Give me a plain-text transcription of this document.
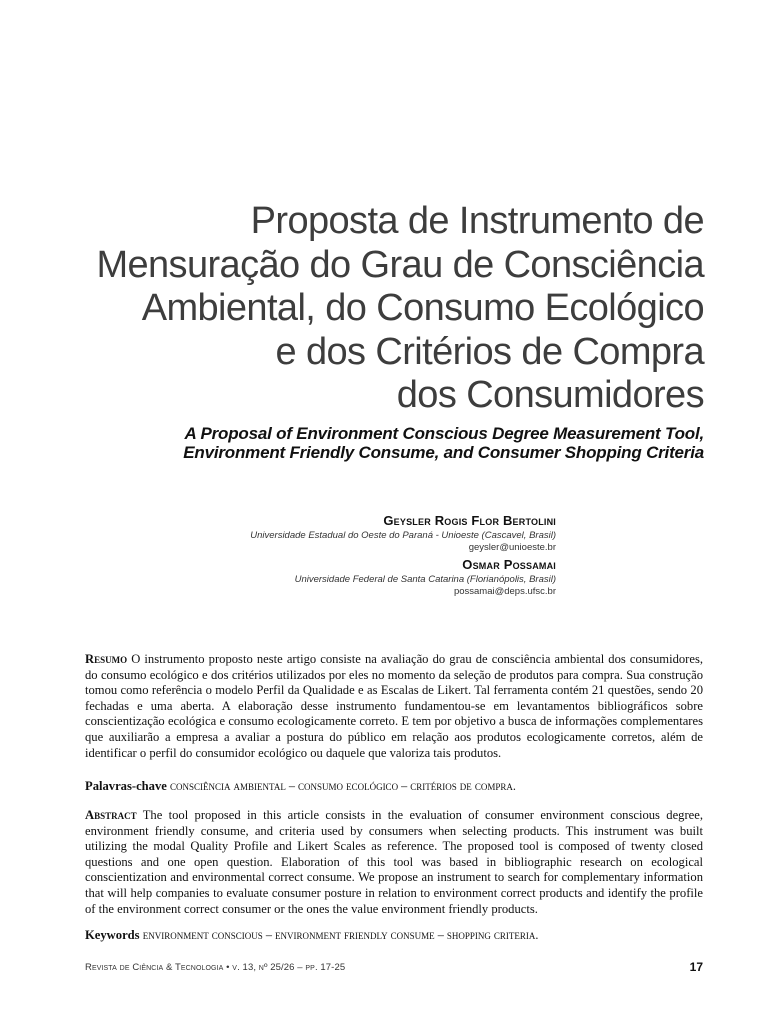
Proposta de Instrumento de
Mensuração do Grau de Consciência
Ambiental, do Consumo Ecológico
e dos Critérios de Compra
dos Consumidores
A Proposal of Environment Conscious Degree Measurement Tool,
Environment Friendly Consume, and Consumer Shopping Criteria
Geysler Rogis Flor Bertolini
Universidade Estadual do Oeste do Paraná - Unioeste (Cascavel, Brasil)
geysler@unioeste.br
Osmar Possamai
Universidade Federal de Santa Catarina (Florianópolis, Brasil)
possamai@deps.ufsc.br
Resumo O instrumento proposto neste artigo consiste na avaliação do grau de consciência ambiental dos consumidores, do consumo ecológico e dos critérios utilizados por eles no momento da seleção de produtos para compra. Sua construção tomou como referência o modelo Perfil da Qualidade e as Escalas de Likert. Tal ferramenta contém 21 questões, sendo 20 fechadas e uma aberta. A elaboração desse instrumento fundamentou-se em levantamentos bibliográficos sobre conscientização ecológica e consumo ecologicamente correto. E tem por objetivo a busca de informações complementares que auxiliarão a empresa a avaliar a postura do público em relação aos produtos ecologicamente corretos, além de identificar o perfil do consumidor ecológico ou daquele que valoriza tais produtos.
Palavras-chave consciência ambiental – consumo ecológico – critérios de compra.
Abstract The tool proposed in this article consists in the evaluation of consumer environment conscious degree, environment friendly consume, and criteria used by consumers when selecting products. This instrument was built utilizing the modal Quality Profile and Likert Scales as reference. The proposed tool is composed of twenty closed questions and one open question. Elaboration of this tool was based in bibliographic research on ecological conscientization and environmental correct consume. We propose an instrument to search for complementary information that will help companies to evaluate consumer posture in relation to environment correct products and identify the profile of the environment correct consumer or the ones the value environment friendly products.
Keywords environment conscious – environment friendly consume – shopping criteria.
Revista de Ciência & Tecnologia • v. 13, nº 25/26 – pp. 17-25	17
